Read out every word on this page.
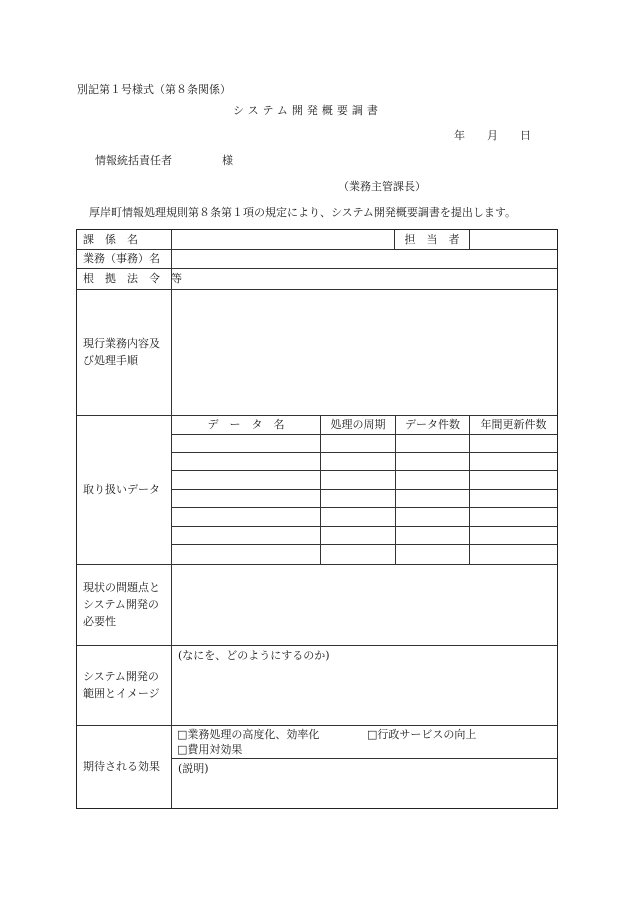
別記第１号様式（第８条関係）
システム開発概要調書
年 月 日
情報統括責任者	様
（業務主管課長）
厚岸町情報処理規則第８条第１項の規定により、システム開発概要調書を提出します。
課　係　名	担　当　者
業務（事務）名
根　拠　法　令　等
現行業務内容及び処理手順
取り扱いデータ
デ　ー　タ　名	処理の周期	データ件数	年間更新件数
現状の問題点とシステム開発の必要性
システム開発の範囲とイメージ
(なにを、どのようにするのか)
期待される効果
□業務処理の高度化、効率化	□行政サービスの向上
□費用対効果
(説明)
